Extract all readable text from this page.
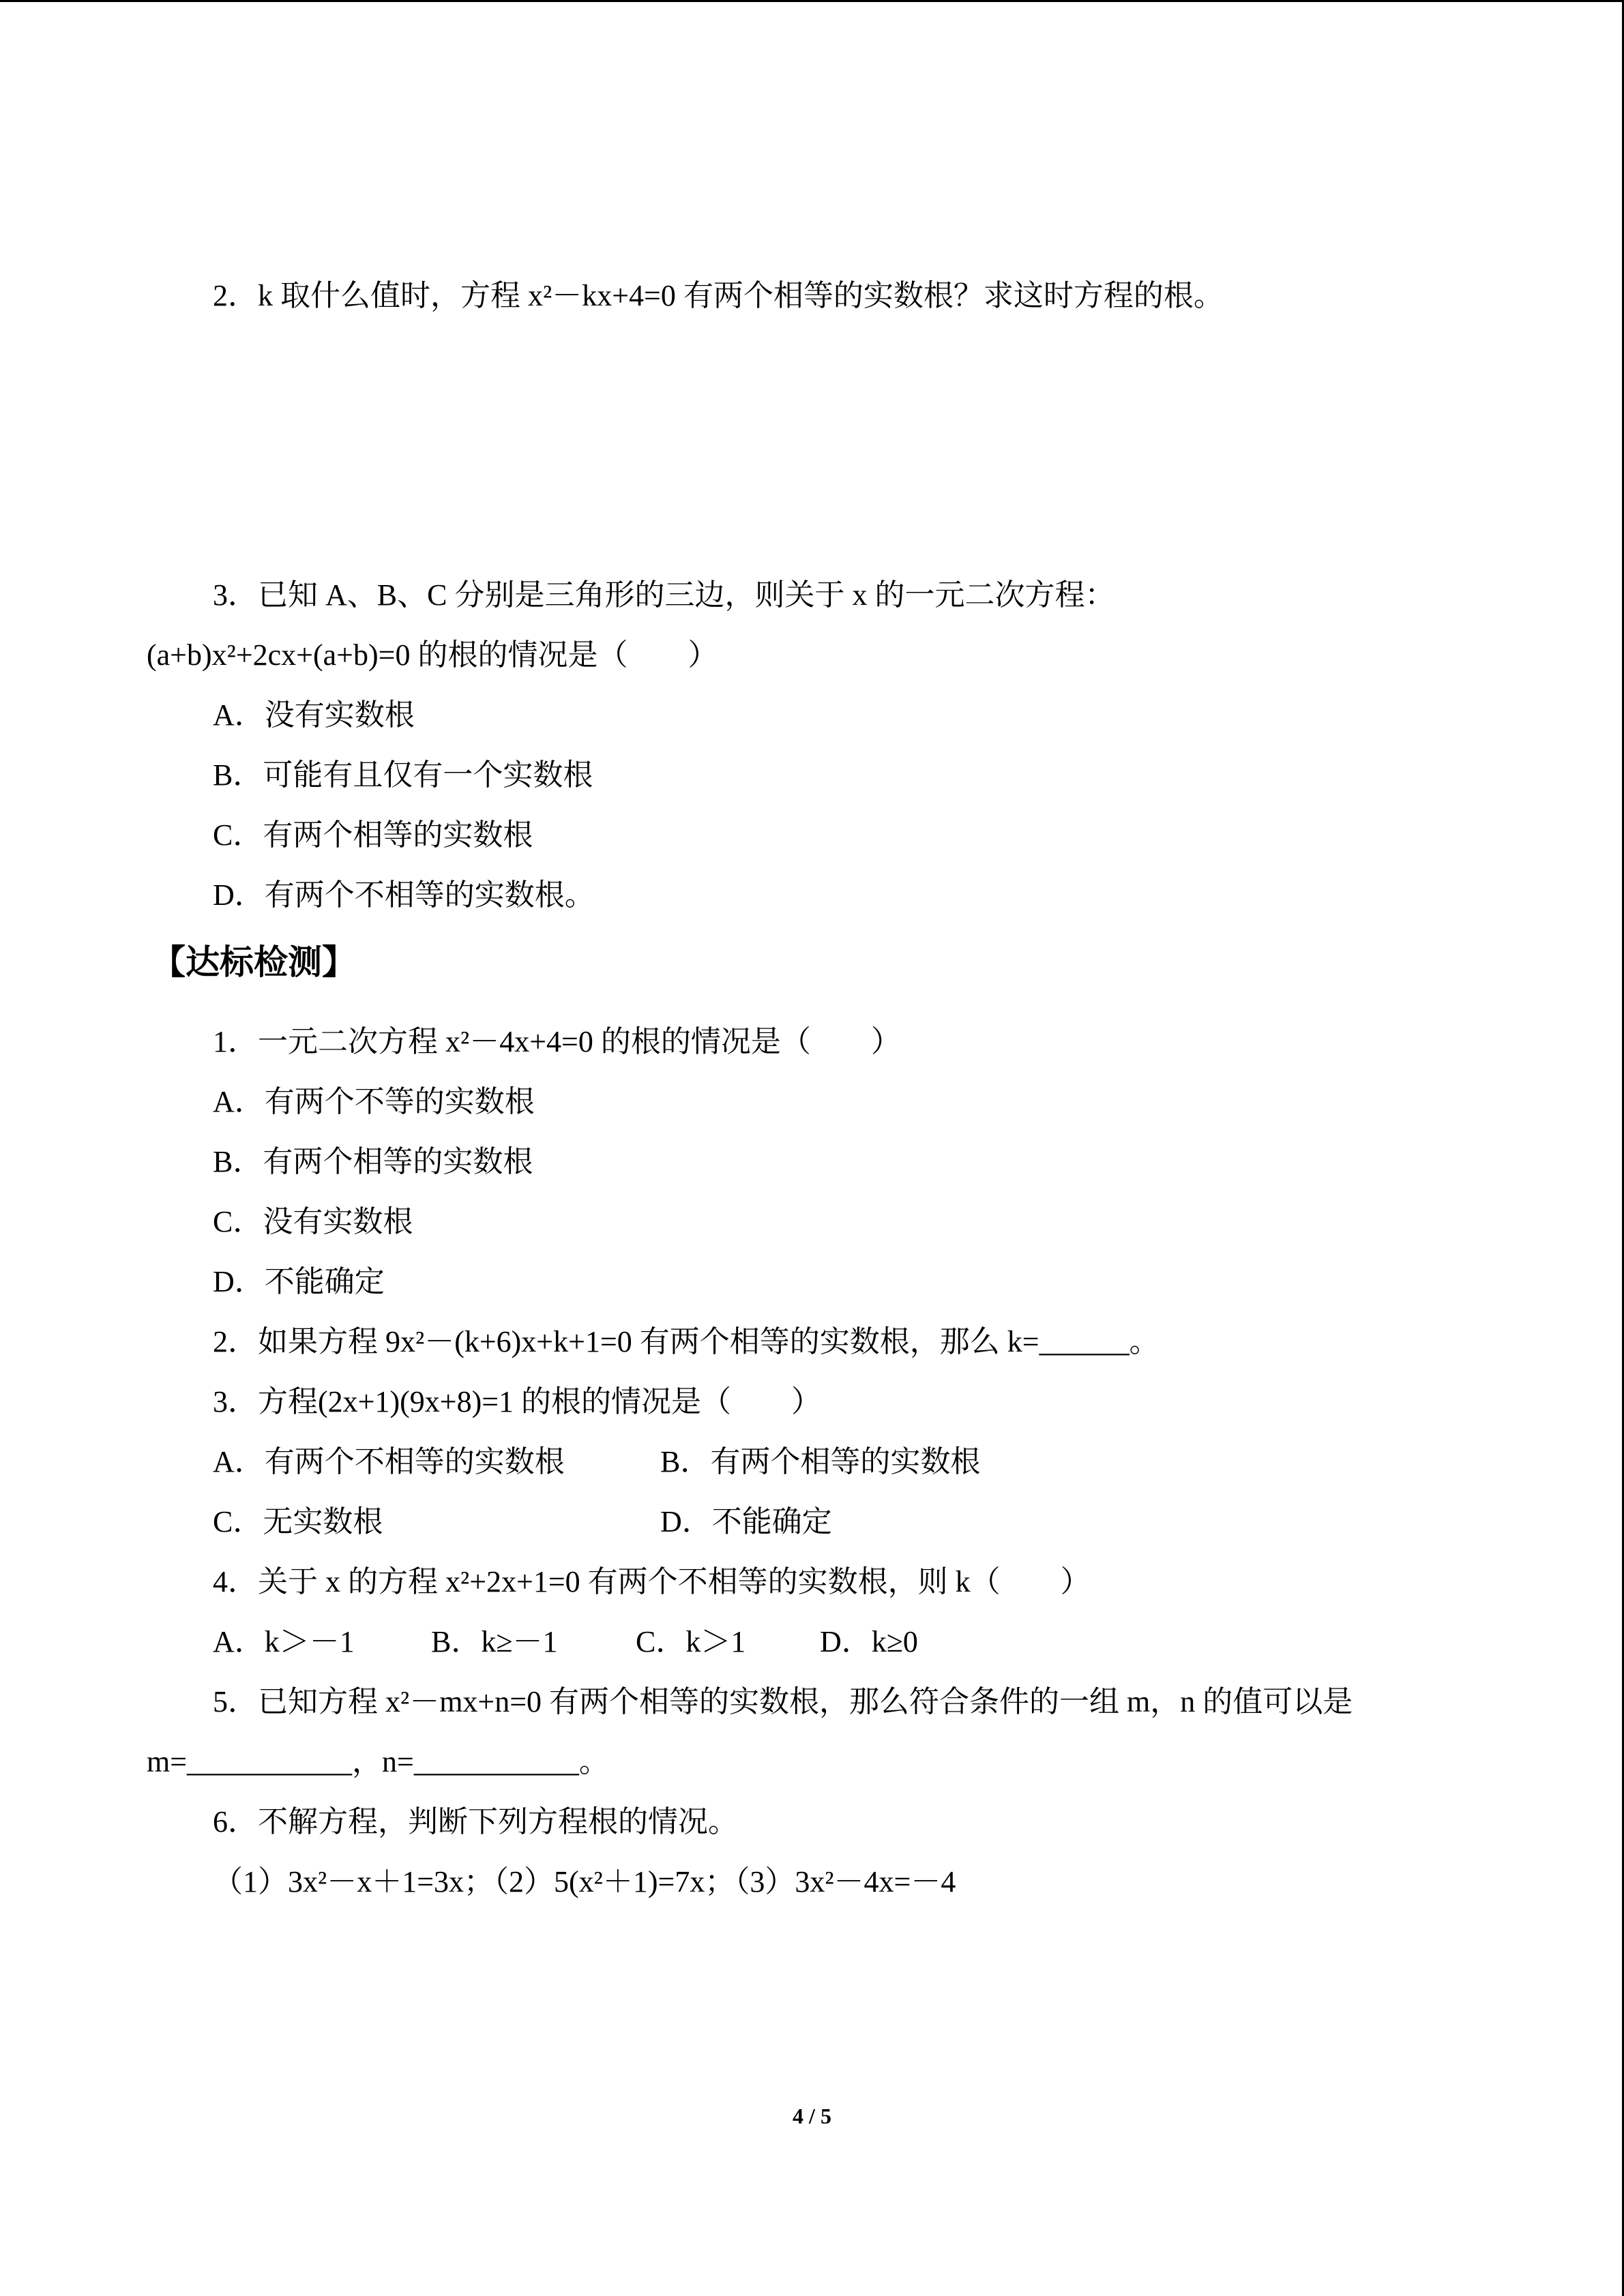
2．k 取什么值时，方程 x²－kx+4=0 有两个相等的实数根？求这时方程的根。
3．已知 A、B、C 分别是三角形的三边，则关于 x 的一元二次方程：
(a+b)x²+2cx+(a+b)=0 的根的情况是（　　）
A．没有实数根
B．可能有且仅有一个实数根
C．有两个相等的实数根
D．有两个不相等的实数根。
【达标检测】
1．一元二次方程 x²－4x+4=0 的根的情况是（　　）
A．有两个不等的实数根
B．有两个相等的实数根
C．没有实数根
D．不能确定
2．如果方程 9x²－(k+6)x+k+1=0 有两个相等的实数根，那么 k=______。
3．方程(2x+1)(9x+8)=1 的根的情况是（　　）
A．有两个不相等的实数根	B．有两个相等的实数根
C．无实数根	D．不能确定
4．关于 x 的方程 x²+2x+1=0 有两个不相等的实数根，则 k（　　）
A．k＞－1	B．k≥－1	C．k＞1 D．k≥0
5．已知方程 x²－mx+n=0 有两个相等的实数根，那么符合条件的一组 m，n 的值可以是
m=___________，n=___________。
6．不解方程，判断下列方程根的情况。
（1）3x²－x＋1=3x；（2）5(x²＋1)=7x；（3）3x²－4x=－4
4 / 5
